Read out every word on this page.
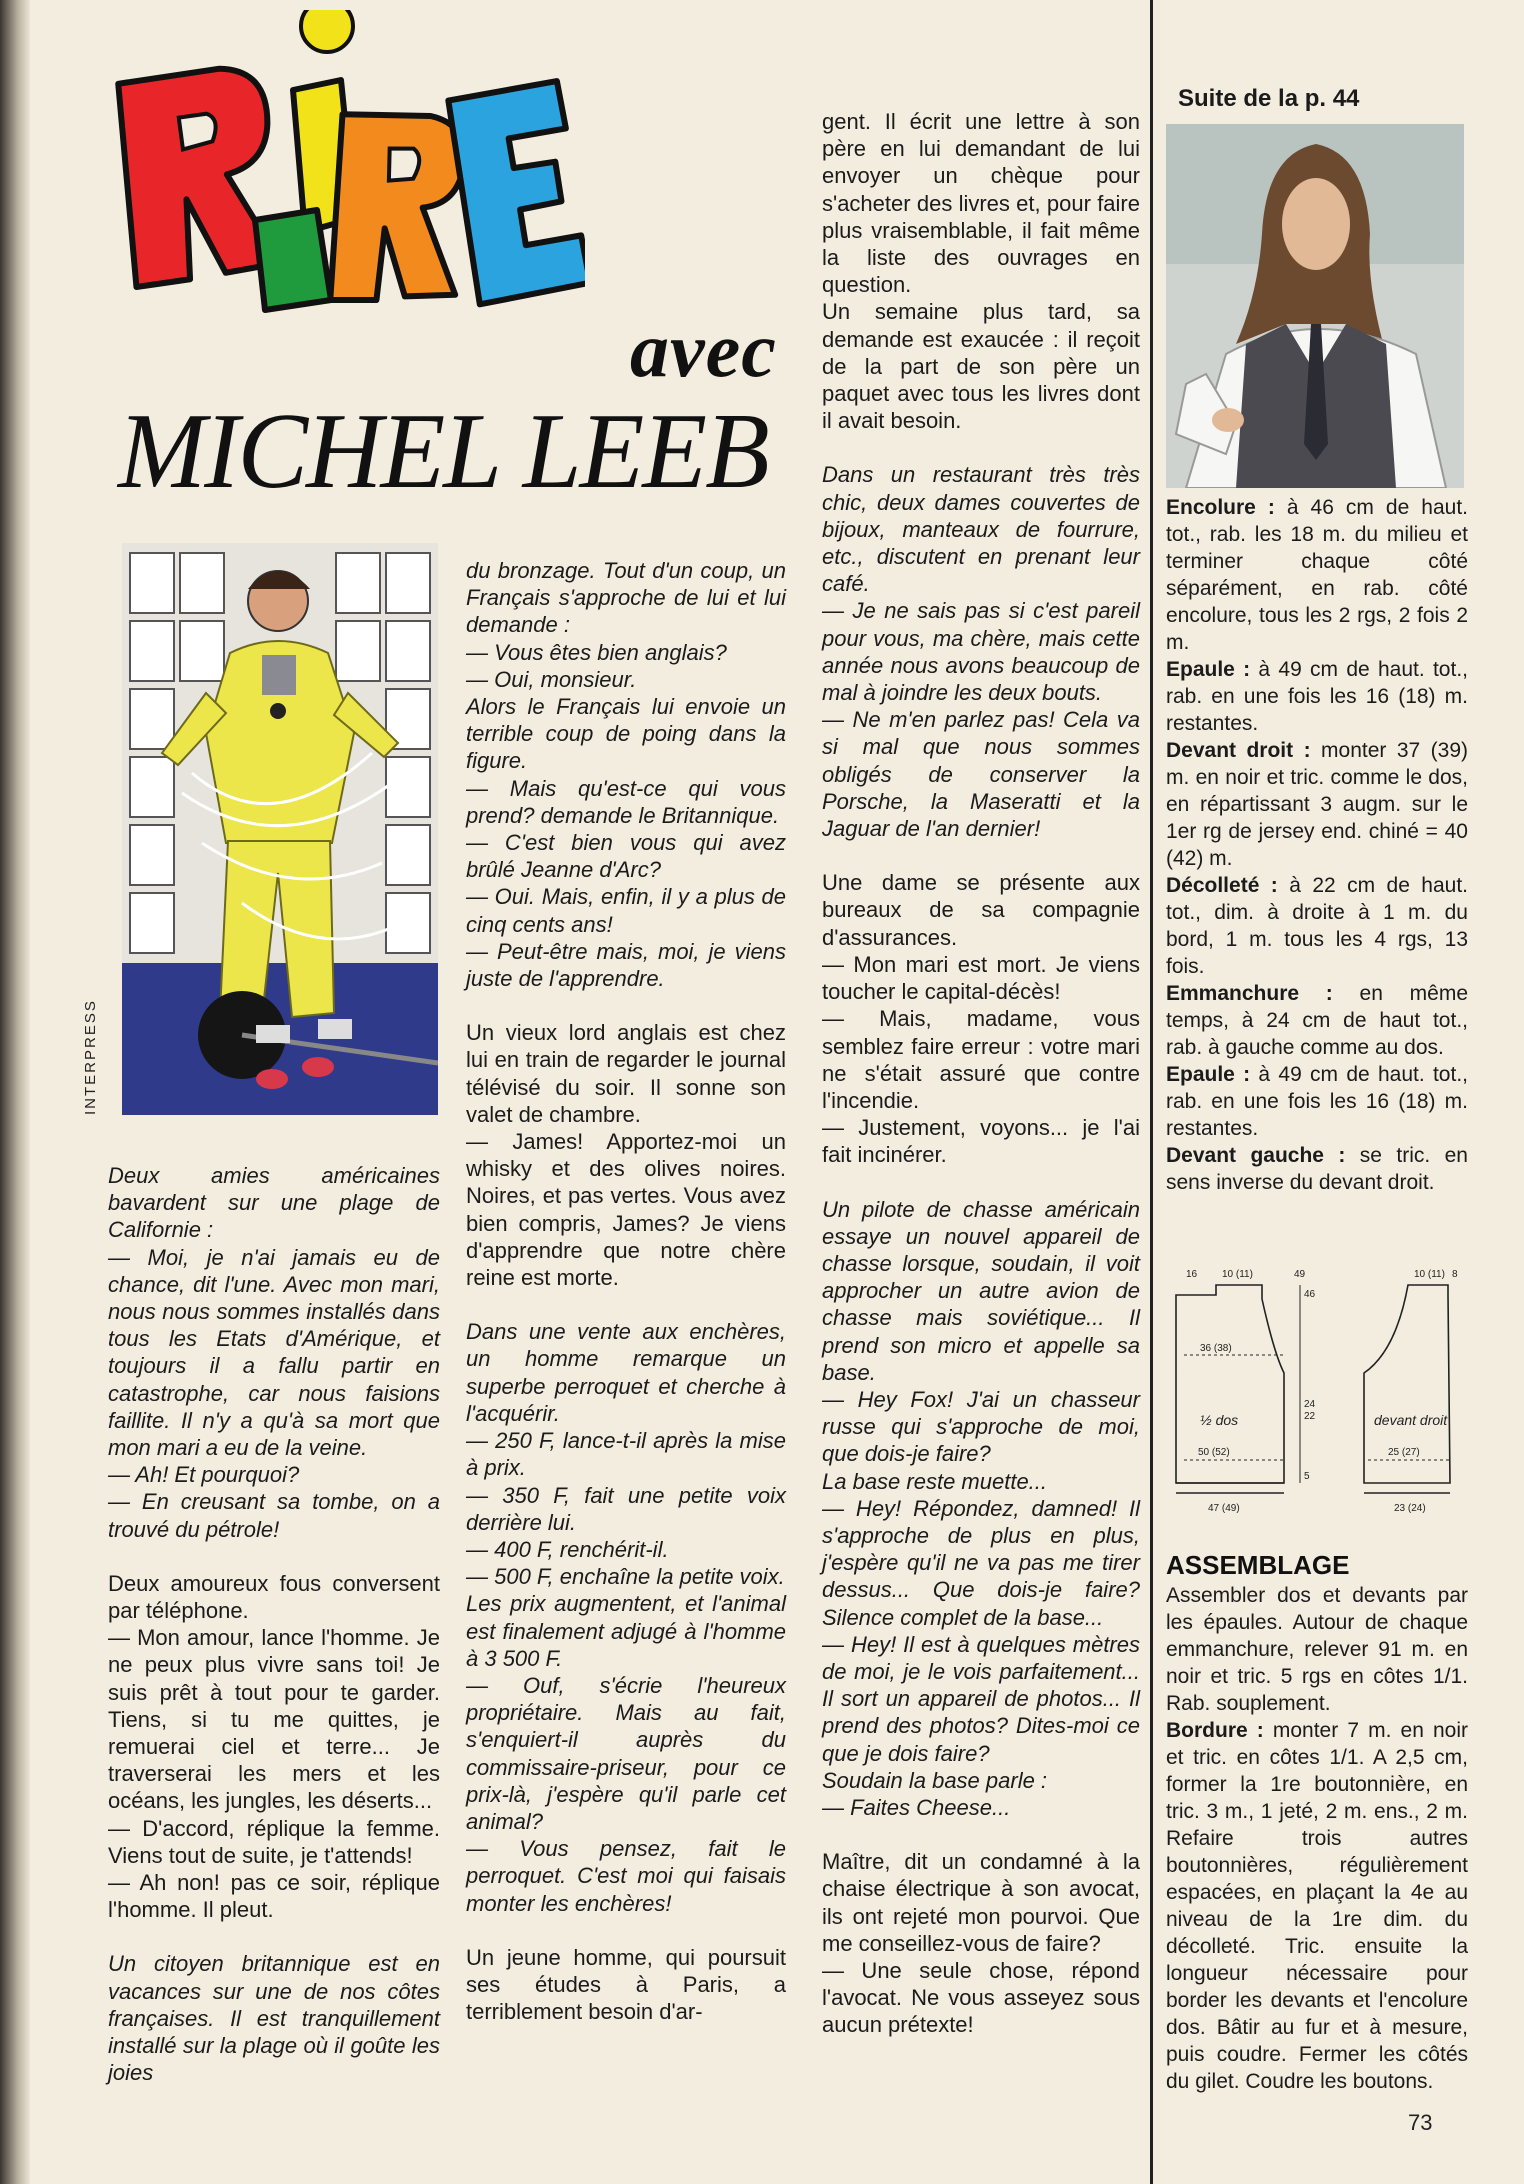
avec
MICHEL LEEB
INTERPRESS

Deux amies américaines bavardent sur une plage de Californie :

— Moi, je n'ai jamais eu de chance, dit l'une. Avec mon mari, nous nous sommes installés dans tous les Etats d'Amérique, et toujours il a fallu partir en catastrophe, car nous faisions faillite. Il n'y a qu'à sa mort que mon mari a eu de la veine.

— Ah! Et pourquoi?

— En creusant sa tombe, on a trouvé du pétrole!

Deux amoureux fous conversent par téléphone.

— Mon amour, lance l'homme. Je ne peux plus vivre sans toi! Je suis prêt à tout pour te garder. Tiens, si tu me quittes, je remuerai ciel et terre... Je traverserai les mers et les océans, les jungles, les déserts...

— D'accord, réplique la femme. Viens tout de suite, je t'attends!

— Ah non! pas ce soir, réplique l'homme. Il pleut.

Un citoyen britannique est en vacances sur une de nos côtes françaises. Il est tranquillement installé sur la plage où il goûte les joies

du bronzage. Tout d'un coup, un Français s'approche de lui et lui demande :

— Vous êtes bien anglais?

— Oui, monsieur.

Alors le Français lui envoie un terrible coup de poing dans la figure.

— Mais qu'est-ce qui vous prend? demande le Britannique.

— C'est bien vous qui avez brûlé Jeanne d'Arc?

— Oui. Mais, enfin, il y a plus de cinq cents ans!

— Peut-être mais, moi, je viens juste de l'apprendre.

Un vieux lord anglais est chez lui en train de regarder le journal télévisé du soir. Il sonne son valet de chambre.

— James! Apportez-moi un whisky et des olives noires. Noires, et pas vertes. Vous avez bien compris, James? Je viens d'apprendre que notre chère reine est morte.

Dans une vente aux enchères, un homme remarque un superbe perroquet et cherche à l'acquérir.

— 250 F, lance-t-il après la mise à prix.

— 350 F, fait une petite voix derrière lui.

— 400 F, renchérit-il.

— 500 F, enchaîne la petite voix.

Les prix augmentent, et l'animal est finalement adjugé à l'homme à 3 500 F.

— Ouf, s'écrie l'heureux propriétaire. Mais au fait, s'enquiert-il auprès du commissaire-priseur, pour ce prix-là, j'espère qu'il parle cet animal?

— Vous pensez, fait le perroquet. C'est moi qui faisais monter les enchères!

Un jeune homme, qui poursuit ses études à Paris, a terriblement besoin d'ar-

gent. Il écrit une lettre à son père en lui demandant de lui envoyer un chèque pour s'acheter des livres et, pour faire plus vraisemblable, il fait même la liste des ouvrages en question.

Un semaine plus tard, sa demande est exaucée : il reçoit de la part de son père un paquet avec tous les livres dont il avait besoin.

Dans un restaurant très très chic, deux dames couvertes de bijoux, manteaux de fourrure, etc., discutent en prenant leur café.

— Je ne sais pas si c'est pareil pour vous, ma chère, mais cette année nous avons beaucoup de mal à joindre les deux bouts.

— Ne m'en parlez pas! Cela va si mal que nous sommes obligés de conserver la Porsche, la Maseratti et la Jaguar de l'an dernier!

Une dame se présente aux bureaux de sa compagnie d'assurances.

— Mon mari est mort. Je viens toucher le capital-décès!

— Mais, madame, vous semblez faire erreur : votre mari ne s'était assuré que contre l'incendie.

— Justement, voyons... je l'ai fait incinérer.

Un pilote de chasse américain essaye un nouvel appareil de chasse lorsque, soudain, il voit approcher un autre avion de chasse mais soviétique... Il prend son micro et appelle sa base.

— Hey Fox! J'ai un chasseur russe qui s'approche de moi, que dois-je faire?

La base reste muette...

— Hey! Répondez, damned! Il s'approche de plus en plus, j'espère qu'il ne va pas me tirer dessus... Que dois-je faire? Silence complet de la base...

— Hey! Il est à quelques mètres de moi, je le vois parfaitement... Il sort un appareil de photos... Il prend des photos? Dites-moi ce que je dois faire?

Soudain la base parle :

— Faites Cheese...

Maître, dit un condamné à la chaise électrique à son avocat, ils ont rejeté mon pourvoi. Que me conseillez-vous de faire?

— Une seule chose, répond l'avocat. Ne vous asseyez sous aucun prétexte!

Suite de la p. 44

Encolure : à 46 cm de haut. tot., rab. les 18 m. du milieu et terminer chaque côté séparément, en rab. côté encolure, tous les 2 rgs, 2 fois 2 m.

Epaule : à 49 cm de haut. tot., rab. en une fois les 16 (18) m. restantes.

Devant droit : monter 37 (39) m. en noir et tric. comme le dos, en répartissant 3 augm. sur le 1er rg de jersey end. chiné = 40 (42) m.

Décolleté : à 22 cm de haut. tot., dim. à droite à 1 m. du bord, 1 m. tous les 4 rgs, 13 fois.

Emmanchure : en même temps, à 24 cm de haut tot., rab. à gauche comme au dos.

Epaule : à 49 cm de haut. tot., rab. en une fois les 16 (18) m. restantes.

Devant gauche : se tric. en sens inverse du devant droit.

16 10 (11)	49
46
10 (11) 8
36 (38)
24
22
50 (52)
5
25 (27)
47 (49)	23 (24)
½ dos	devant droit
ASSEMBLAGE

Assembler dos et devants par les épaules. Autour de chaque emmanchure, relever 91 m. en noir et tric. 5 rgs en côtes 1/1. Rab. souplement.

Bordure : monter 7 m. en noir et tric. en côtes 1/1. A 2,5 cm, former la 1re boutonnière, en tric. 3 m., 1 jeté, 2 m. ens., 2 m. Refaire trois autres boutonnières, régulièrement espacées, en plaçant la 4e au niveau de la 1re dim. du décolleté. Tric. ensuite la longueur nécessaire pour border les devants et l'encolure dos. Bâtir au fur et à mesure, puis coudre. Fermer les côtés du gilet. Coudre les boutons.

73
